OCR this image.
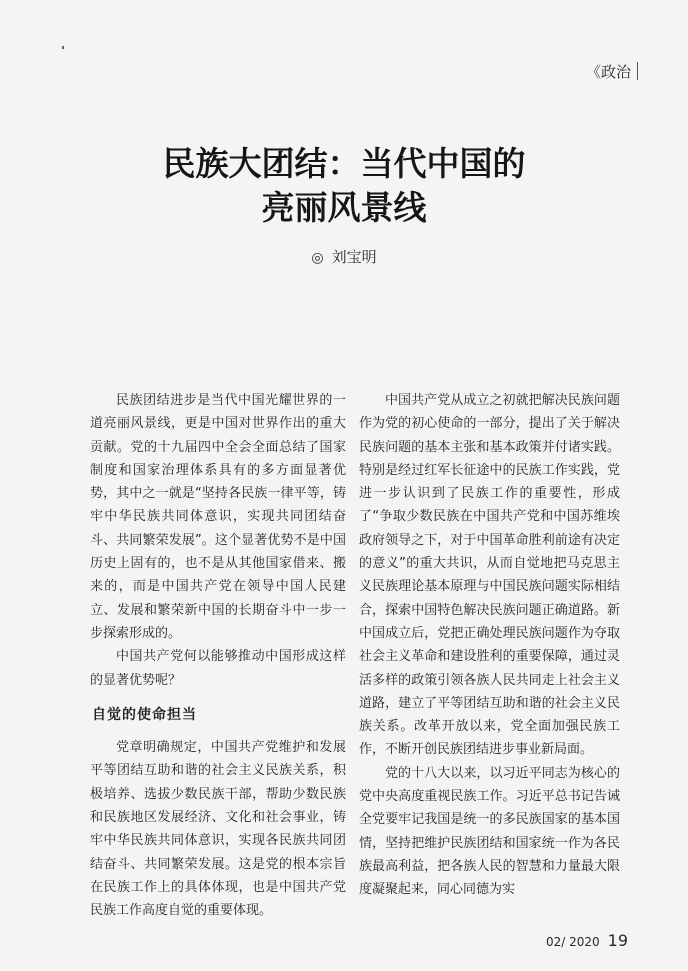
《 政治
民族大团结：当代中国的
亮丽风景线
◎ 刘宝明

民族团结进步是当代中国光耀世界的一道亮丽风景线，更是中国对世界作出的重大贡献。党的十九届四中全会全面总结了国家制度和国家治理体系具有的多方面显著优势，其中之一就是“坚持各民族一律平等，铸牢中华民族共同体意识，实现共同团结奋斗、共同繁荣发展”。这个显著优势不是中国历史上固有的，也不是从其他国家借来、搬来的，而是中国共产党在领导中国人民建立、发展和繁荣新中国的长期奋斗中一步一步探索形成的。

中国共产党何以能够推动中国形成这样的显著优势呢？

自觉的使命担当

党章明确规定，中国共产党维护和发展平等团结互助和谐的社会主义民族关系，积极培养、选拔少数民族干部，帮助少数民族和民族地区发展经济、文化和社会事业，铸牢中华民族共同体意识，实现各民族共同团结奋斗、共同繁荣发展。这是党的根本宗旨在民族工作上的具体体现，也是中国共产党民族工作高度自觉的重要体现。

中国共产党从成立之初就把解决民族问题作为党的初心使命的一部分，提出了关于解决民族问题的基本主张和基本政策并付诸实践。特别是经过红军长征途中的民族工作实践，党进一步认识到了民族工作的重要性，形成了“争取少数民族在中国共产党和中国苏维埃政府领导之下，对于中国革命胜利前途有决定的意义”的重大共识，从而自觉地把马克思主义民族理论基本原理与中国民族问题实际相结合，探索中国特色解决民族问题正确道路。新中国成立后，党把正确处理民族问题作为夺取社会主义革命和建设胜利的重要保障，通过灵活多样的政策引领各族人民共同走上社会主义道路，建立了平等团结互助和谐的社会主义民族关系。改革开放以来，党全面加强民族工作，不断开创民族团结进步事业新局面。

党的十八大以来，以习近平同志为核心的党中央高度重视民族工作。习近平总书记告诫全党要牢记我国是统一的多民族国家的基本国情，坚持把维护民族团结和国家统一作为各民族最高利益，把各族人民的智慧和力量最大限度凝聚起来，同心同德为实

02/ 2020 19
